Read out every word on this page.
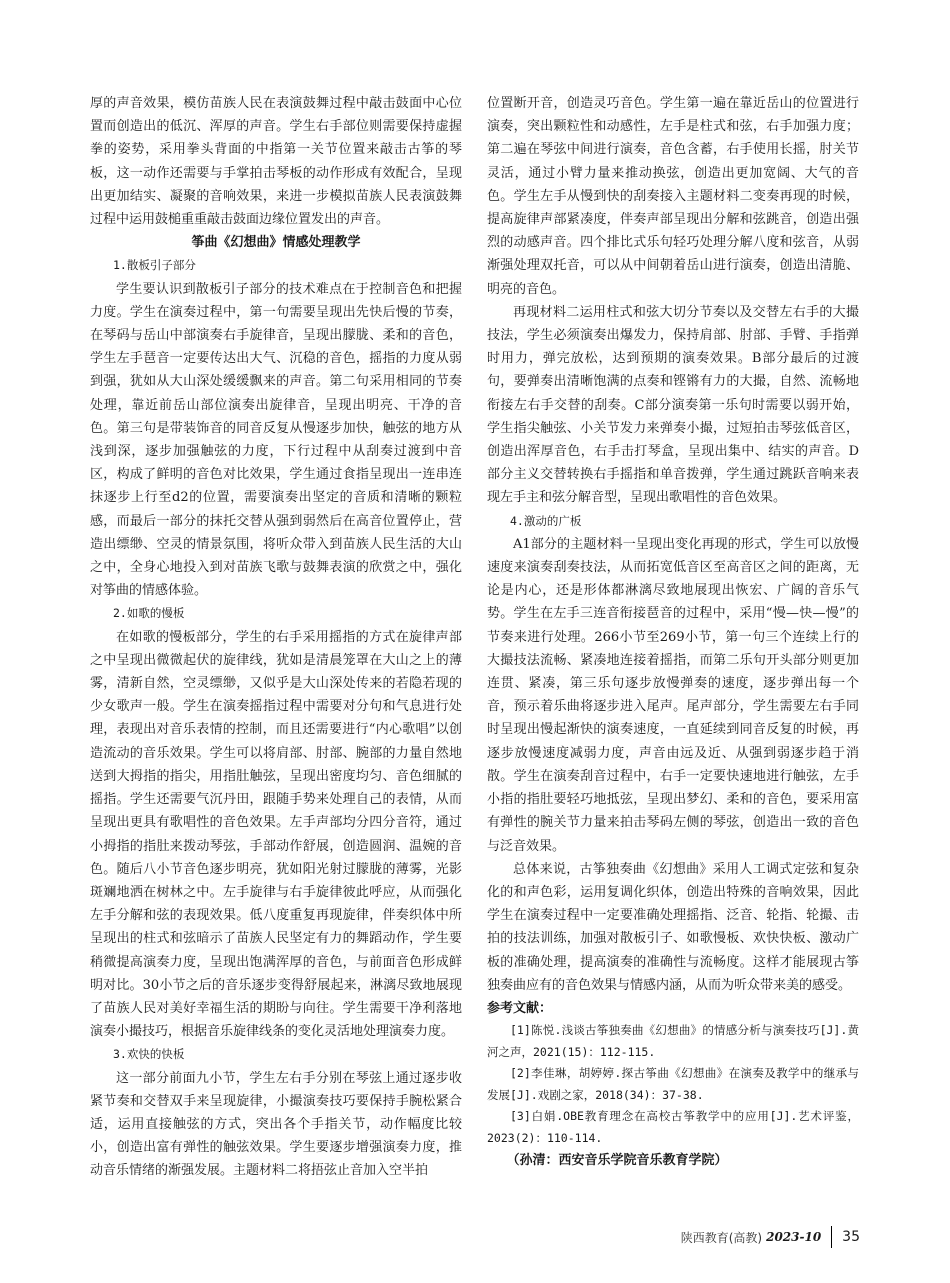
厚的声音效果，模仿苗族人民在表演鼓舞过程中敲击鼓面中心位置而创造出的低沉、浑厚的声音。学生右手部位则需要保持虚握拳的姿势，采用拳头背面的中指第一关节位置来敲击古筝的琴板，这一动作还需要与手掌拍击琴板的动作形成有效配合，呈现出更加结实、凝聚的音响效果，来进一步模拟苗族人民表演鼓舞过程中运用鼓槌重重敲击鼓面边缘位置发出的声音。

筝曲《幻想曲》情感处理教学

1.散板引子部分

学生要认识到散板引子部分的技术难点在于控制音色和把握力度。学生在演奏过程中，第一句需要呈现出先快后慢的节奏，在琴码与岳山中部演奏右手旋律音，呈现出朦胧、柔和的音色，学生左手琶音一定要传达出大气、沉稳的音色，摇指的力度从弱到强，犹如从大山深处缓缓飘来的声音。第二句采用相同的节奏处理，靠近前岳山部位演奏出旋律音，呈现出明亮、干净的音色。第三句是带装饰音的同音反复从慢逐步加快，触弦的地方从浅到深，逐步加强触弦的力度，下行过程中从刮奏过渡到中音区，构成了鲜明的音色对比效果，学生通过食指呈现出一连串连抹逐步上行至d2的位置，需要演奏出坚定的音质和清晰的颗粒感，而最后一部分的抹托交替从强到弱然后在高音位置停止，营造出缥缈、空灵的情景氛围，将听众带入到苗族人民生活的大山之中，全身心地投入到对苗族飞歌与鼓舞表演的欣赏之中，强化对筝曲的情感体验。

2.如歌的慢板

在如歌的慢板部分，学生的右手采用摇指的方式在旋律声部之中呈现出微微起伏的旋律线，犹如是清晨笼罩在大山之上的薄雾，清新自然，空灵缥缈，又似乎是大山深处传来的若隐若现的少女歌声一般。学生在演奏摇指过程中需要对分句和气息进行处理，表现出对音乐表情的控制，而且还需要进行“内心歌唱”以创造流动的音乐效果。学生可以将肩部、肘部、腕部的力量自然地送到大拇指的指尖，用指肚触弦，呈现出密度均匀、音色细腻的摇指。学生还需要气沉丹田，跟随手势来处理自己的表情，从而呈现出更具有歌唱性的音色效果。左手声部均分四分音符，通过小拇指的指肚来拨动琴弦，手部动作舒展，创造圆润、温婉的音色。随后八小节音色逐步明亮，犹如阳光射过朦胧的薄雾，光影斑斓地洒在树林之中。左手旋律与右手旋律彼此呼应，从而强化左手分解和弦的表现效果。低八度重复再现旋律，伴奏织体中所呈现出的柱式和弦暗示了苗族人民坚定有力的舞蹈动作，学生要稍微提高演奏力度，呈现出饱满浑厚的音色，与前面音色形成鲜明对比。30小节之后的音乐逐步变得舒展起来，淋漓尽致地展现了苗族人民对美好幸福生活的期盼与向往。学生需要干净利落地演奏小撮技巧，根据音乐旋律线条的变化灵活地处理演奏力度。

3.欢快的快板

这一部分前面九小节，学生左右手分别在琴弦上通过逐步收紧节奏和交替双手来呈现旋律，小撮演奏技巧要保持手腕松紧合适，运用直接触弦的方式，突出各个手指关节，动作幅度比较小，创造出富有弹性的触弦效果。学生要逐步增强演奏力度，推动音乐情绪的渐强发展。主题材料二将捂弦止音加入空半拍

位置断开音，创造灵巧音色。学生第一遍在靠近岳山的位置进行演奏，突出颗粒性和动感性，左手是柱式和弦，右手加强力度；第二遍在琴弦中间进行演奏，音色含蓄，右手使用长摇，肘关节灵活，通过小臂力量来推动换弦，创造出更加宽阔、大气的音色。学生左手从慢到快的刮奏接入主题材料二变奏再现的时候，提高旋律声部紧凑度，伴奏声部呈现出分解和弦跳音，创造出强烈的动感声音。四个排比式乐句轻巧处理分解八度和弦音，从弱渐强处理双托音，可以从中间朝着岳山进行演奏，创造出清脆、明亮的音色。

再现材料二运用柱式和弦大切分节奏以及交替左右手的大撮技法，学生必须演奏出爆发力，保持肩部、肘部、手臂、手指弹时用力，弹完放松，达到预期的演奏效果。B部分最后的过渡句，要弹奏出清晰饱满的点奏和铿锵有力的大撮，自然、流畅地衔接左右手交替的刮奏。C部分演奏第一乐句时需要以弱开始，学生指尖触弦、小关节发力来弹奏小撮，过短拍击琴弦低音区，创造出浑厚音色，右手击打琴盒，呈现出集中、结实的声音。D部分主义交替转换右手摇指和单音拨弹，学生通过跳跃音响来表现左手主和弦分解音型，呈现出歌唱性的音色效果。

4.激动的广板

A1部分的主题材料一呈现出变化再现的形式，学生可以放慢速度来演奏刮奏技法，从而拓宽低音区至高音区之间的距离，无论是内心，还是形体都淋漓尽致地展现出恢宏、广阔的音乐气势。学生在左手三连音衔接琶音的过程中，采用“慢—快—慢”的节奏来进行处理。266小节至269小节，第一句三个连续上行的大撮技法流畅、紧凑地连接着摇指，而第二乐句开头部分则更加连贯、紧凑，第三乐句逐步放慢弹奏的速度，逐步弹出每一个音，预示着乐曲将逐步进入尾声。尾声部分，学生需要左右手同时呈现出慢起渐快的演奏速度，一直延续到同音反复的时候，再逐步放慢速度减弱力度，声音由远及近、从强到弱逐步趋于消散。学生在演奏刮音过程中，右手一定要快速地进行触弦，左手小指的指肚要轻巧地抵弦，呈现出梦幻、柔和的音色，要采用富有弹性的腕关节力量来拍击琴码左侧的琴弦，创造出一致的音色与泛音效果。

总体来说，古筝独奏曲《幻想曲》采用人工调式定弦和复杂化的和声色彩，运用复调化织体，创造出特殊的音响效果，因此学生在演奏过程中一定要准确处理摇指、泛音、轮指、轮撮、击拍的技法训练，加强对散板引子、如歌慢板、欢快快板、激动广板的准确处理，提高演奏的准确性与流畅度。这样才能展现古筝独奏曲应有的音色效果与情感内涵，从而为听众带来美的感受。

参考文献：

[1]陈悦.浅谈古筝独奏曲《幻想曲》的情感分析与演奏技巧[J].黄河之声，2021(15)：112-115.

[2]李佳琳，胡婷婷.探古筝曲《幻想曲》在演奏及教学中的继承与发展[J].戏剧之家，2018(34)：37-38.

[3]白娟.OBE教育理念在高校古筝教学中的应用[J].艺术评鉴，2023(2)：110-114.

（孙清：西安音乐学院音乐教育学院）

陕西教育(高教) 2023-10 35
